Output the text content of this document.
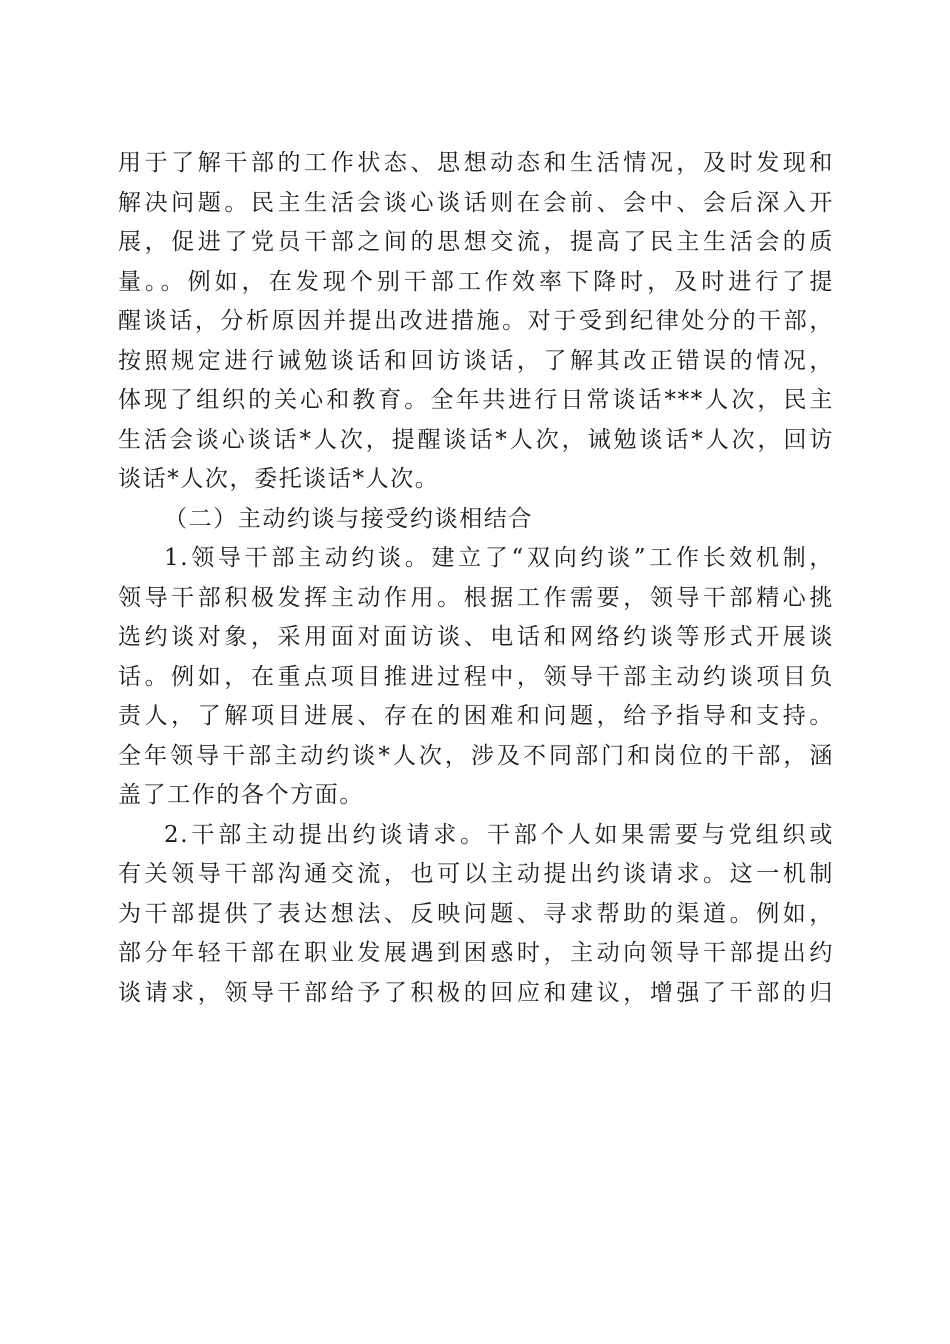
用于了解干部的工作状态、思想动态和生活情况，及时发现和
解决问题。民主生活会谈心谈话则在会前、会中、会后深入开
展，促进了党员干部之间的思想交流，提高了民主生活会的质
量。。例如，在发现个别干部工作效率下降时，及时进行了提
醒谈话，分析原因并提出改进措施。对于受到纪律处分的干部，
按照规定进行诫勉谈话和回访谈话，了解其改正错误的情况，
体现了组织的关心和教育。全年共进行日常谈话***人次，民主
生活会谈心谈话*人次，提醒谈话*人次，诫勉谈话*人次，回访
谈话*人次，委托谈话*人次。
（二）主动约谈与接受约谈相结合
1.领导干部主动约谈。建立了“双向约谈”工作长效机制，
领导干部积极发挥主动作用。根据工作需要，领导干部精心挑
选约谈对象，采用面对面访谈、电话和网络约谈等形式开展谈
话。例如，在重点项目推进过程中，领导干部主动约谈项目负
责人，了解项目进展、存在的困难和问题，给予指导和支持。
全年领导干部主动约谈*人次，涉及不同部门和岗位的干部，涵
盖了工作的各个方面。
2.干部主动提出约谈请求。干部个人如果需要与党组织或
有关领导干部沟通交流，也可以主动提出约谈请求。这一机制
为干部提供了表达想法、反映问题、寻求帮助的渠道。例如，
部分年轻干部在职业发展遇到困惑时，主动向领导干部提出约
谈请求，领导干部给予了积极的回应和建议，增强了干部的归
